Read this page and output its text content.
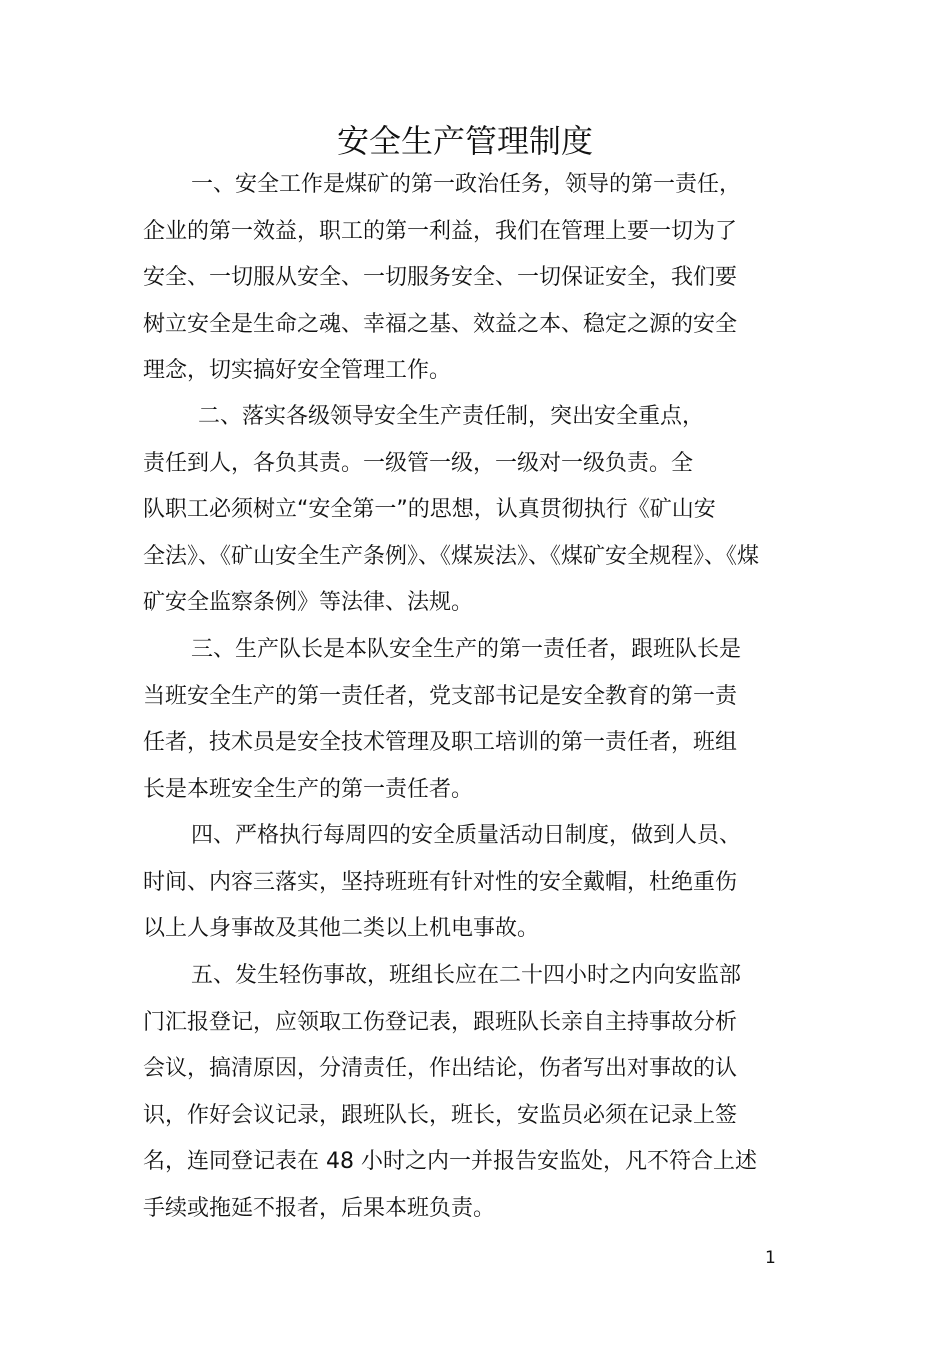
安全生产管理制度
一、安全工作是煤矿的第一政治任务，领导的第一责任，
企业的第一效益，职工的第一利益，我们在管理上要一切为了
安全、一切服从安全、一切服务安全、一切保证安全，我们要
树立安全是生命之魂、幸福之基、效益之本、稳定之源的安全
理念，切实搞好安全管理工作。
二、落实各级领导安全生产责任制，突出安全重点，
责任到人，各负其责。一级管一级，一级对一级负责。全
队职工必须树立“安全第一”的思想，认真贯彻执行《矿山安
全法》、《矿山安全生产条例》、《煤炭法》、《煤矿安全规程》、《煤
矿安全监察条例》等法律、法规。
三、生产队长是本队安全生产的第一责任者，跟班队长是
当班安全生产的第一责任者，党支部书记是安全教育的第一责
任者，技术员是安全技术管理及职工培训的第一责任者，班组
长是本班安全生产的第一责任者。
四、严格执行每周四的安全质量活动日制度，做到人员、
时间、内容三落实，坚持班班有针对性的安全戴帽，杜绝重伤
以上人身事故及其他二类以上机电事故。
五、发生轻伤事故，班组长应在二十四小时之内向安监部
门汇报登记，应领取工伤登记表，跟班队长亲自主持事故分析
会议，搞清原因，分清责任，作出结论，伤者写出对事故的认
识，作好会议记录，跟班队长，班长，安监员必须在记录上签
名，连同登记表在 48 小时之内一并报告安监处，凡不符合上述
手续或拖延不报者，后果本班负责。
1
